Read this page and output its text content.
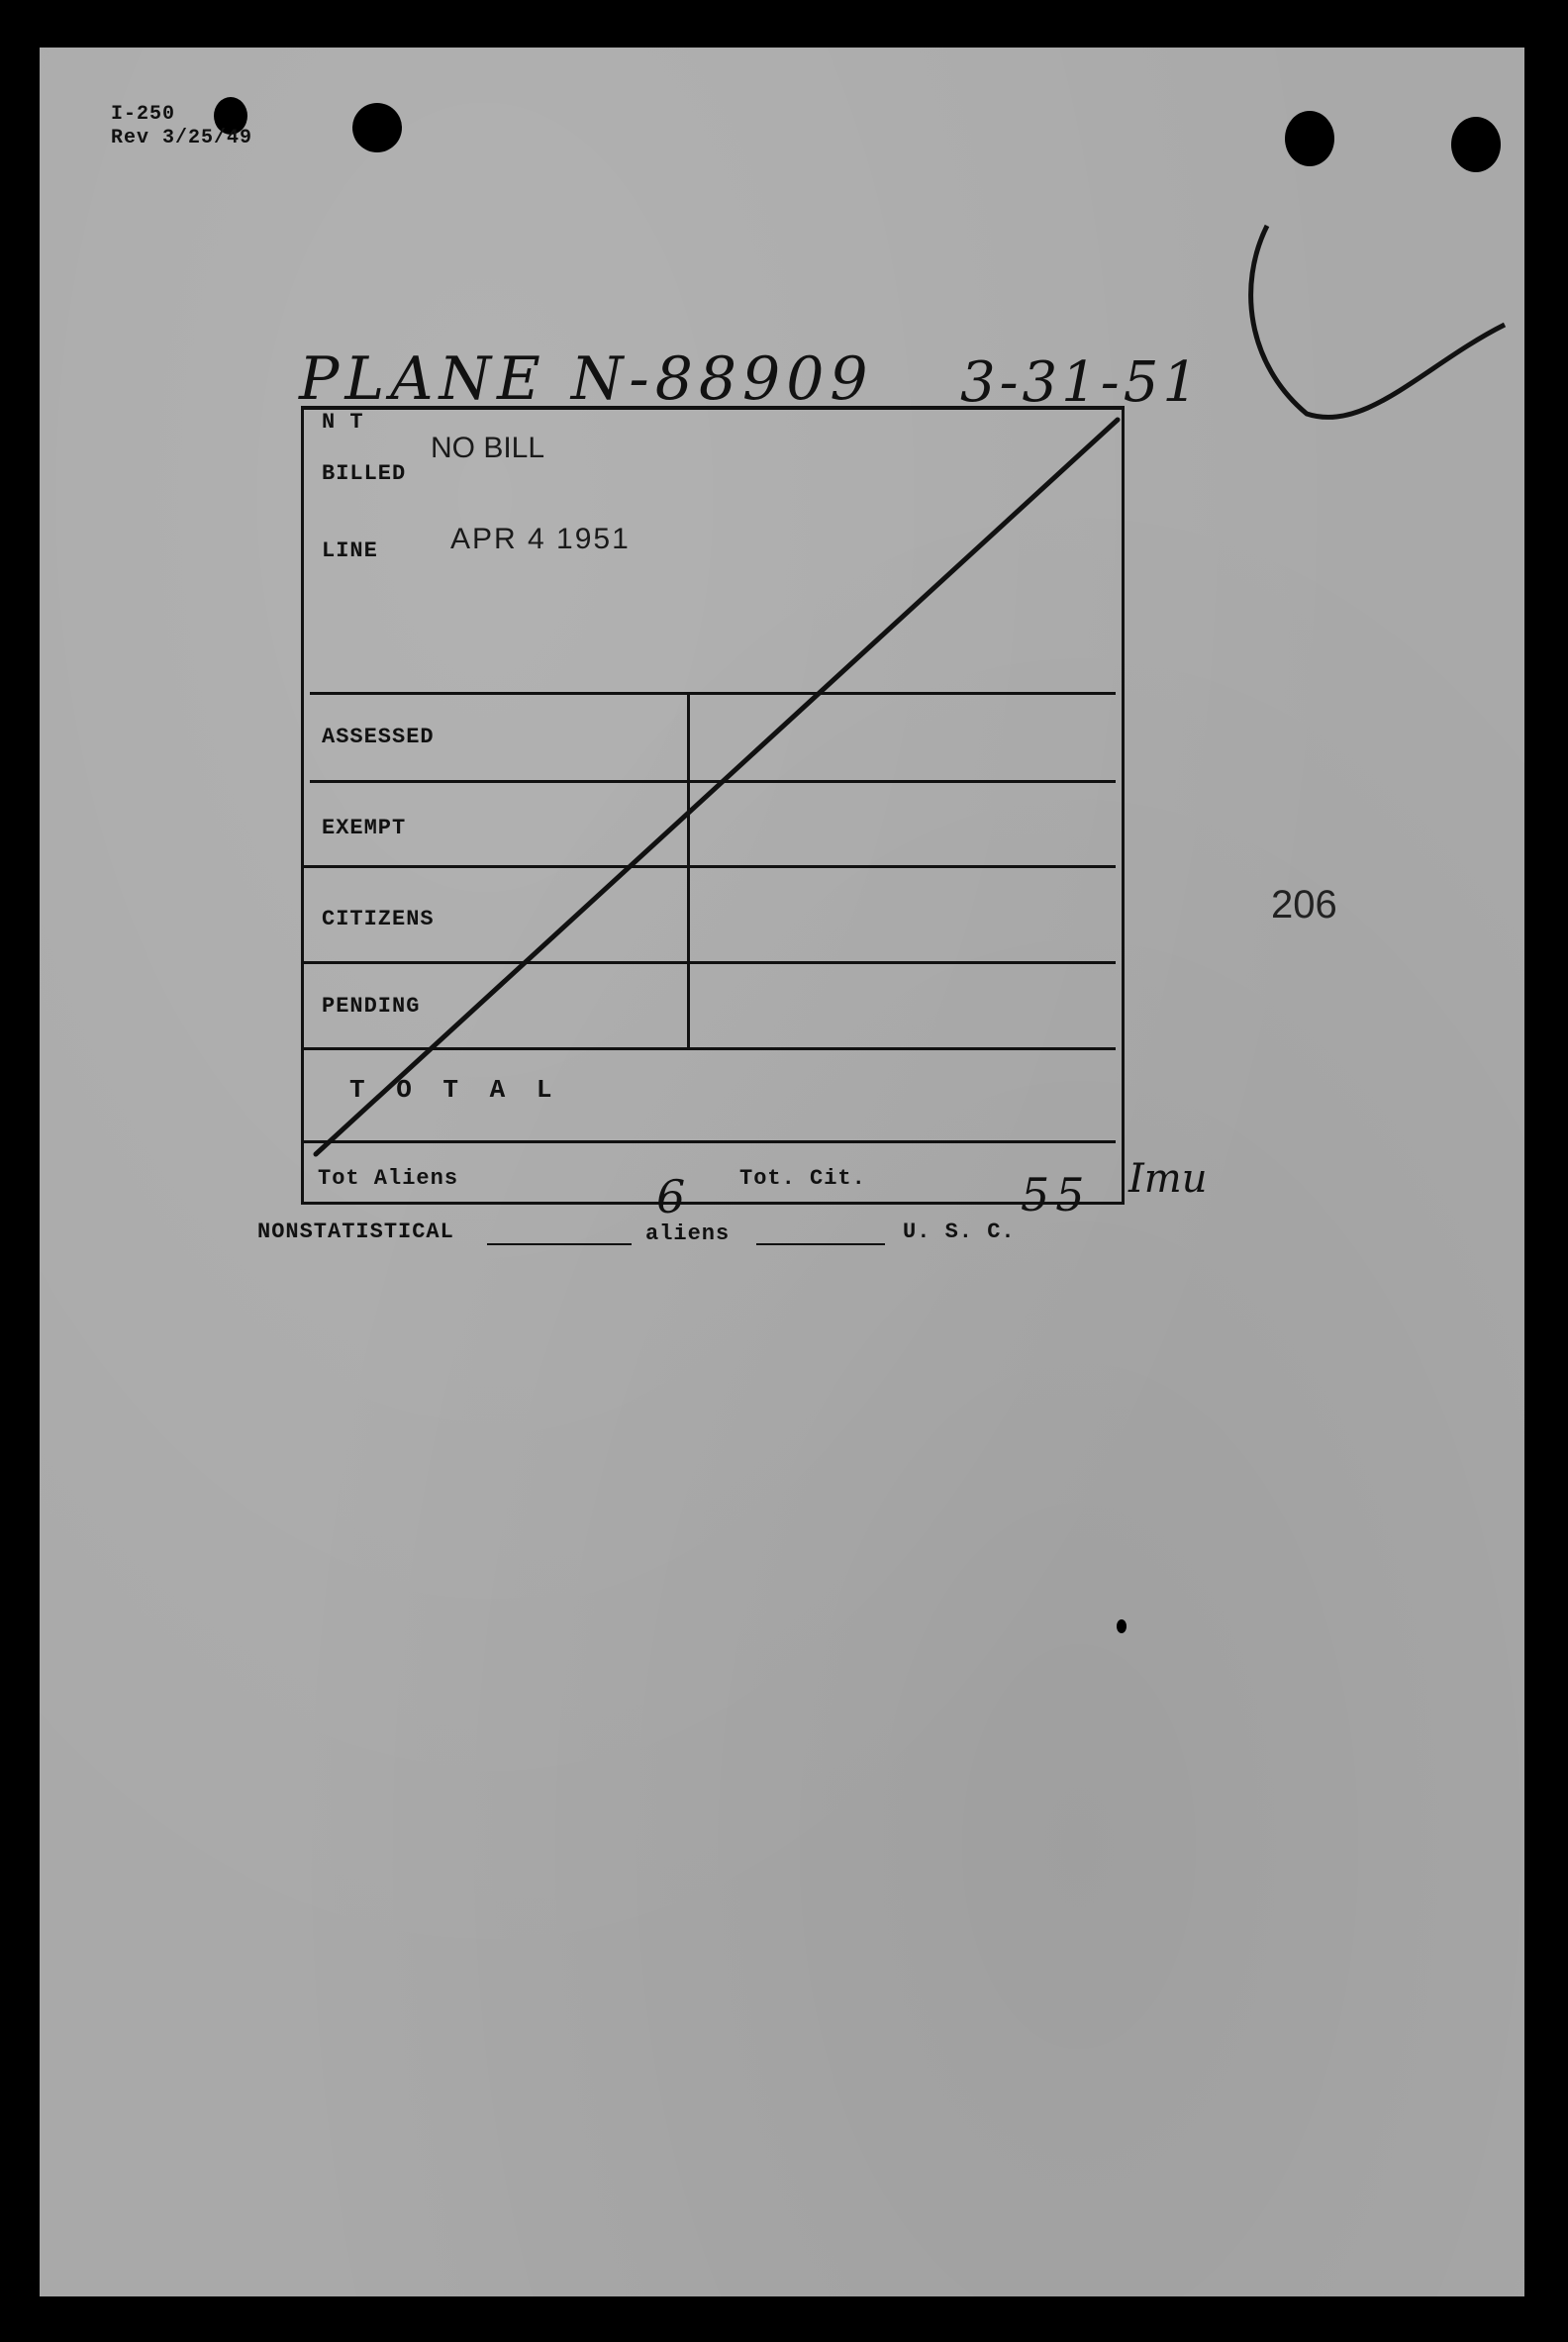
I-250
Rev 3/25/49
PLANE N-88909 3-31-51
N T
NO BILL
BILLED
LINE APR 4 1951
ASSESSED
EXEMPT
CITIZENS
PENDING
T O T A L
Tot Aliens	Tot. Cit.
6	55 Imu
206
NONSTATISTICAL	aliens	U. S. C.
